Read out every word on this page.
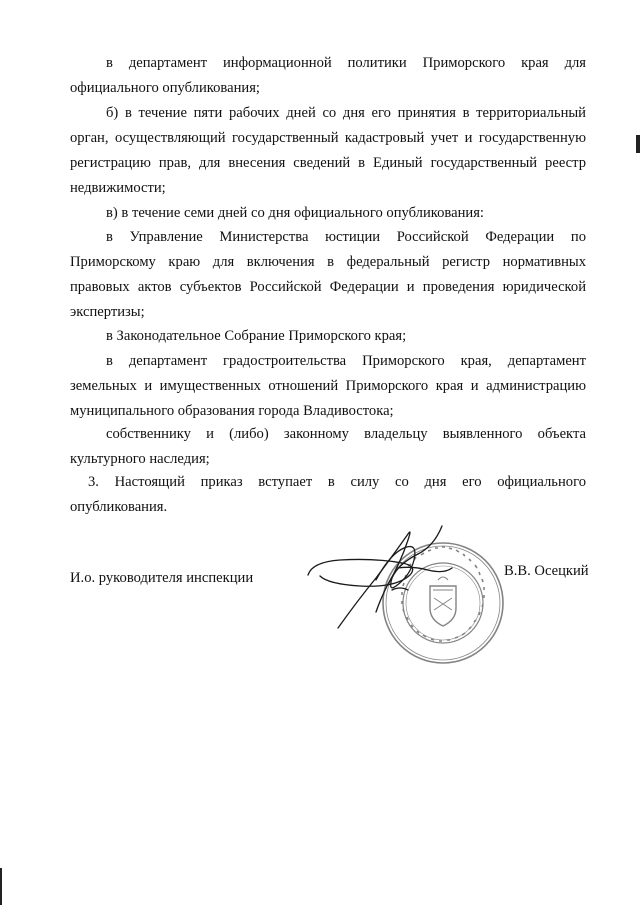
в департамент информационной политики Приморского края для
официального опубликования;
б) в течение пяти рабочих дней со дня его принятия в территориальный
орган, осуществляющий государственный кадастровый учет и государственную
регистрацию прав, для внесения сведений в Единый государственный реестр
недвижимости;
в) в течение семи дней со дня официального опубликования:
в Управление Министерства юстиции Российской Федерации по
Приморскому краю для включения в федеральный регистр нормативных
правовых актов субъектов Российской Федерации и проведения юридической
экспертизы;
в Законодательное Собрание Приморского края;
в департамент градостроительства Приморского края, департамент
земельных и имущественных отношений Приморского края и администрацию
муниципального образования города Владивостока;
собственнику и (либо) законному владельцу выявленного объекта
культурного наследия;
3. Настоящий приказ вступает в силу со дня его официального
опубликования.
И.о. руководителя инспекции	В.В. Осецкий
